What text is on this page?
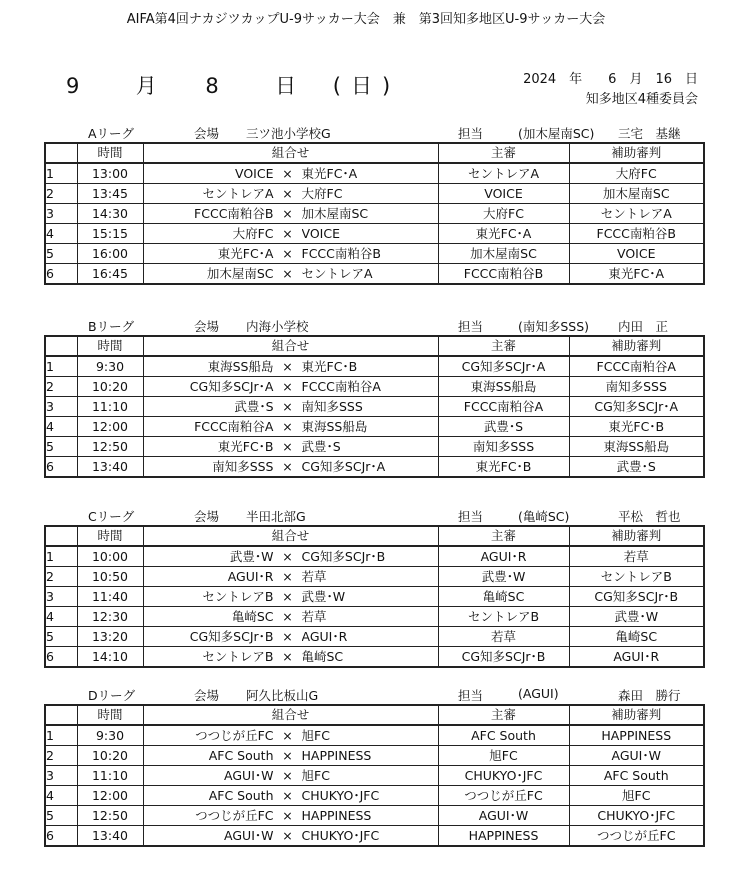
AIFA第4回ナカジツカップU-9サッカー大会　兼　第3回知多地区U-9サッカー大会
9	月 8	日 (日)	2024　年　　6　月　16　日
知多地区4種委員会
Aリーグ	会場 三ツ池小学校G	担当	(加木屋南SC) 三宅　基継
	時間	組合せ	主審	補助審判
1	13:00	VOICE × 東光FC･A	セントレアA	大府FC
2	13:45	セントレアA × 大府FC	VOICE	加木屋南SC
3	14:30	FCCC南粕谷B × 加木屋南SC	大府FC	セントレアA
4	15:15	大府FC × VOICE	東光FC･A	FCCC南粕谷B
5	16:00	東光FC･A × FCCC南粕谷B	加木屋南SC	VOICE
6	16:45	加木屋南SC × セントレアA	FCCC南粕谷B	東光FC･A
Bリーグ	会場 内海小学校	担当	(南知多SSS) 内田　正
	時間	組合せ	主審	補助審判
1	9:30	東海SS船島 × 東光FC･B	CG知多SCJr･A	FCCC南粕谷A
2	10:20	CG知多SCJr･A × FCCC南粕谷A	東海SS船島	南知多SSS
3	11:10	武豊･S × 南知多SSS	FCCC南粕谷A	CG知多SCJr･A
4	12:00	FCCC南粕谷A × 東海SS船島	武豊･S	東光FC･B
5	12:50	東光FC･B × 武豊･S	南知多SSS	東海SS船島
6	13:40	南知多SSS × CG知多SCJr･A	東光FC･B	武豊･S
Cリーグ	会場 半田北部G	担当	(亀崎SC)	平松　哲也
	時間	組合せ	主審	補助審判
1	10:00	武豊･W × CG知多SCJr･B	AGUI･R	若草
2	10:50	AGUI･R × 若草	武豊･W	セントレアB
3	11:40	セントレアB × 武豊･W	亀崎SC	CG知多SCJr･B
4	12:30	亀崎SC × 若草	セントレアB	武豊･W
5	13:20	CG知多SCJr･B × AGUI･R	若草	亀崎SC
6	14:10	セントレアB × 亀崎SC	CG知多SCJr･B	AGUI･R
Dリーグ	会場 阿久比板山G	担当	(AGUI)	森田　勝行
	時間	組合せ	主審	補助審判
1	9:30	つつじが丘FC × 旭FC	AFC South	HAPPINESS
2	10:20	AFC South × HAPPINESS	旭FC	AGUI･W
3	11:10	AGUI･W × 旭FC	CHUKYO･JFC	AFC South
4	12:00	AFC South × CHUKYO･JFC	つつじが丘FC	旭FC
5	12:50	つつじが丘FC × HAPPINESS	AGUI･W	CHUKYO･JFC
6	13:40	AGUI･W × CHUKYO･JFC	HAPPINESS	つつじが丘FC
